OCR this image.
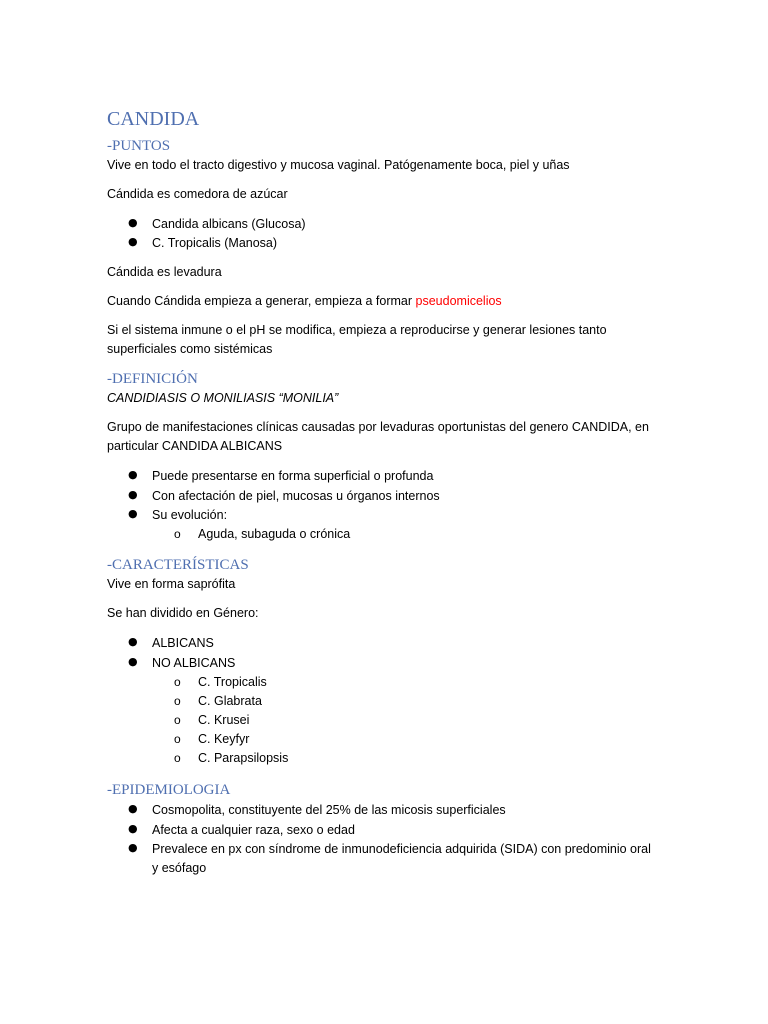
CANDIDA
-PUNTOS
Vive en todo el tracto digestivo y mucosa vaginal. Patógenamente boca, piel y uñas
Cándida es comedora de azúcar
● Candida albicans (Glucosa)
● C. Tropicalis (Manosa)
Cándida es levadura
Cuando Cándida empieza a generar, empieza a formar pseudomicelios
Si el sistema inmune o el pH se modifica, empieza a reproducirse y generar lesiones tanto
superficiales como sistémicas
-DEFINICIÓN
CANDIDIASIS O MONILIASIS “MONILIA”
Grupo de manifestaciones clínicas causadas por levaduras oportunistas del genero CANDIDA, en
particular CANDIDA ALBICANS
● Puede presentarse en forma superficial o profunda
● Con afectación de piel, mucosas u órganos internos
● Su evolución:
o Aguda, subaguda o crónica
-CARACTERÍSTICAS
Vive en forma saprófita
Se han dividido en Género:
● ALBICANS
● NO ALBICANS
o C. Tropicalis
o C. Glabrata
o C. Krusei
o C. Keyfyr
o C. Parapsilopsis
-EPIDEMIOLOGIA
● Cosmopolita, constituyente del 25% de las micosis superficiales
● Afecta a cualquier raza, sexo o edad
● Prevalece en px con síndrome de inmunodeficiencia adquirida (SIDA) con predominio oral
y esófago
